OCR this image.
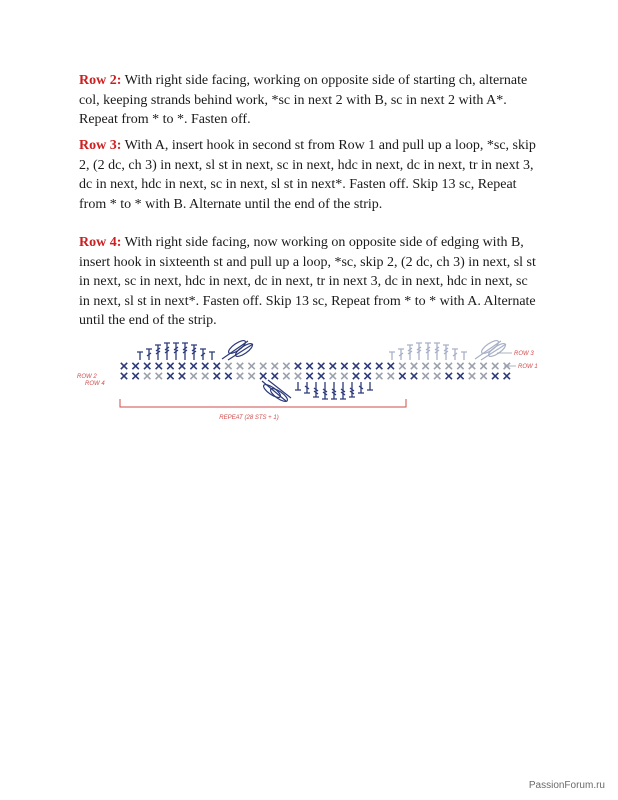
Row 2: With right side facing, working on opposite side of starting ch, alternate col, keeping strands behind work, *sc in next 2 with B, sc in next 2 with A*. Repeat from * to *. Fasten off.

Row 3: With A, insert hook in second st from Row 1 and pull up a loop, *sc, skip 2, (2 dc, ch 3) in next, sl st in next, sc in next, hdc in next, dc in next, tr in next 3, dc in next, hdc in next, sc in next, sl st in next*. Fasten off. Skip 13 sc, Repeat from * to * with B. Alternate until the end of the strip.

Row 4: With right side facing, now working on opposite side of edging with B, insert hook in sixteenth st and pull up a loop, *sc, skip 2, (2 dc, ch 3) in next, sl st in next, sc in next, hdc in next, dc in next, tr in next 3, dc in next, hdc in next, sc in next, sl st in next*. Fasten off. Skip 13 sc, Repeat from * to * with A. Alternate until the end of the strip.

ROW 3
ROW 1
ROW 2
ROW 4
REPEAT (28 STS + 1)
PassionForum.ru
